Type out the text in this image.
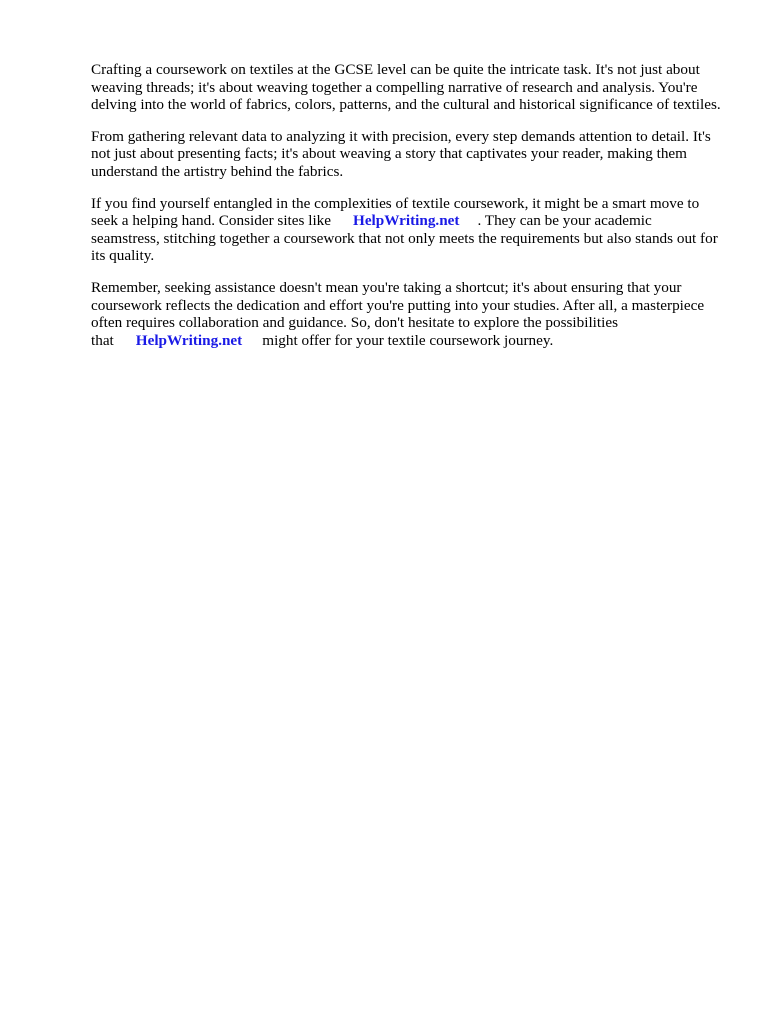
Crafting a coursework on textiles at the GCSE level can be quite the intricate task. It's not just about weaving threads; it's about weaving together a compelling narrative of research and analysis. You're delving into the world of fabrics, colors, patterns, and the cultural and historical significance of textiles.

From gathering relevant data to analyzing it with precision, every step demands attention to detail. It's not just about presenting facts; it's about weaving a story that captivates your reader, making them understand the artistry behind the fabrics.

If you find yourself entangled in the complexities of textile coursework, it might be a smart move to seek a helping hand. Consider sites like HelpWriting.net . They can be your academic seamstress, stitching together a coursework that not only meets the requirements but also stands out for its quality.

Remember, seeking assistance doesn't mean you're taking a shortcut; it's about ensuring that your coursework reflects the dedication and effort you're putting into your studies. After all, a masterpiece often requires collaboration and guidance. So, don't hesitate to explore the possibilities that HelpWriting.net might offer for your textile coursework journey.
